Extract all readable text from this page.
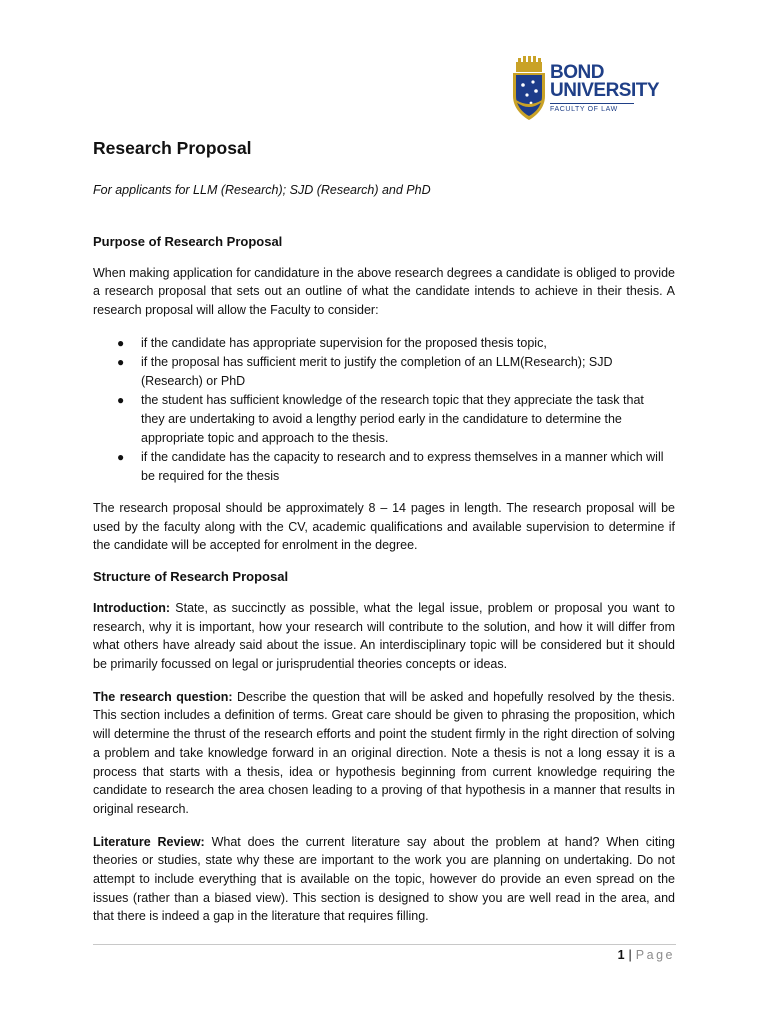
BOND
UNIVERSITY
FACULTY OF LAW
Research Proposal

For applicants for LLM (Research); SJD (Research) and PhD

Purpose of Research Proposal

When making application for candidature in the above research degrees a candidate is obliged to provide a research proposal that sets out an outline of what the candidate intends to achieve in their thesis. A research proposal will allow the Faculty to consider:

● if the candidate has appropriate supervision for the proposed thesis topic,
● if the proposal has sufficient merit to justify the completion of an LLM(Research); SJD (Research) or PhD
● the student has sufficient knowledge of the research topic that they appreciate the task that they are undertaking to avoid a lengthy period early in the candidature to determine the appropriate topic and approach to the thesis.
● if the candidate has the capacity to research and to express themselves in a manner which will be required for the thesis

The research proposal should be approximately 8 – 14 pages in length. The research proposal will be used by the faculty along with the CV, academic qualifications and available supervision to determine if the candidate will be accepted for enrolment in the degree.

Structure of Research Proposal

Introduction: State, as succinctly as possible, what the legal issue, problem or proposal you want to research, why it is important, how your research will contribute to the solution, and how it will differ from what others have already said about the issue. An interdisciplinary topic will be considered but it should be primarily focussed on legal or jurisprudential theories concepts or ideas.

The research question: Describe the question that will be asked and hopefully resolved by the thesis. This section includes a definition of terms. Great care should be given to phrasing the proposition, which will determine the thrust of the research efforts and point the student firmly in the right direction of solving a problem and take knowledge forward in an original direction. Note a thesis is not a long essay it is a process that starts with a thesis, idea or hypothesis beginning from current knowledge requiring the candidate to research the area chosen leading to a proving of that hypothesis in a manner that results in original research.

Literature Review: What does the current literature say about the problem at hand? When citing theories or studies, state why these are important to the work you are planning on undertaking. Do not attempt to include everything that is available on the topic, however do provide an even spread on the issues (rather than a biased view). This section is designed to show you are well read in the area, and that there is indeed a gap in the literature that requires filling.

1 | Page
